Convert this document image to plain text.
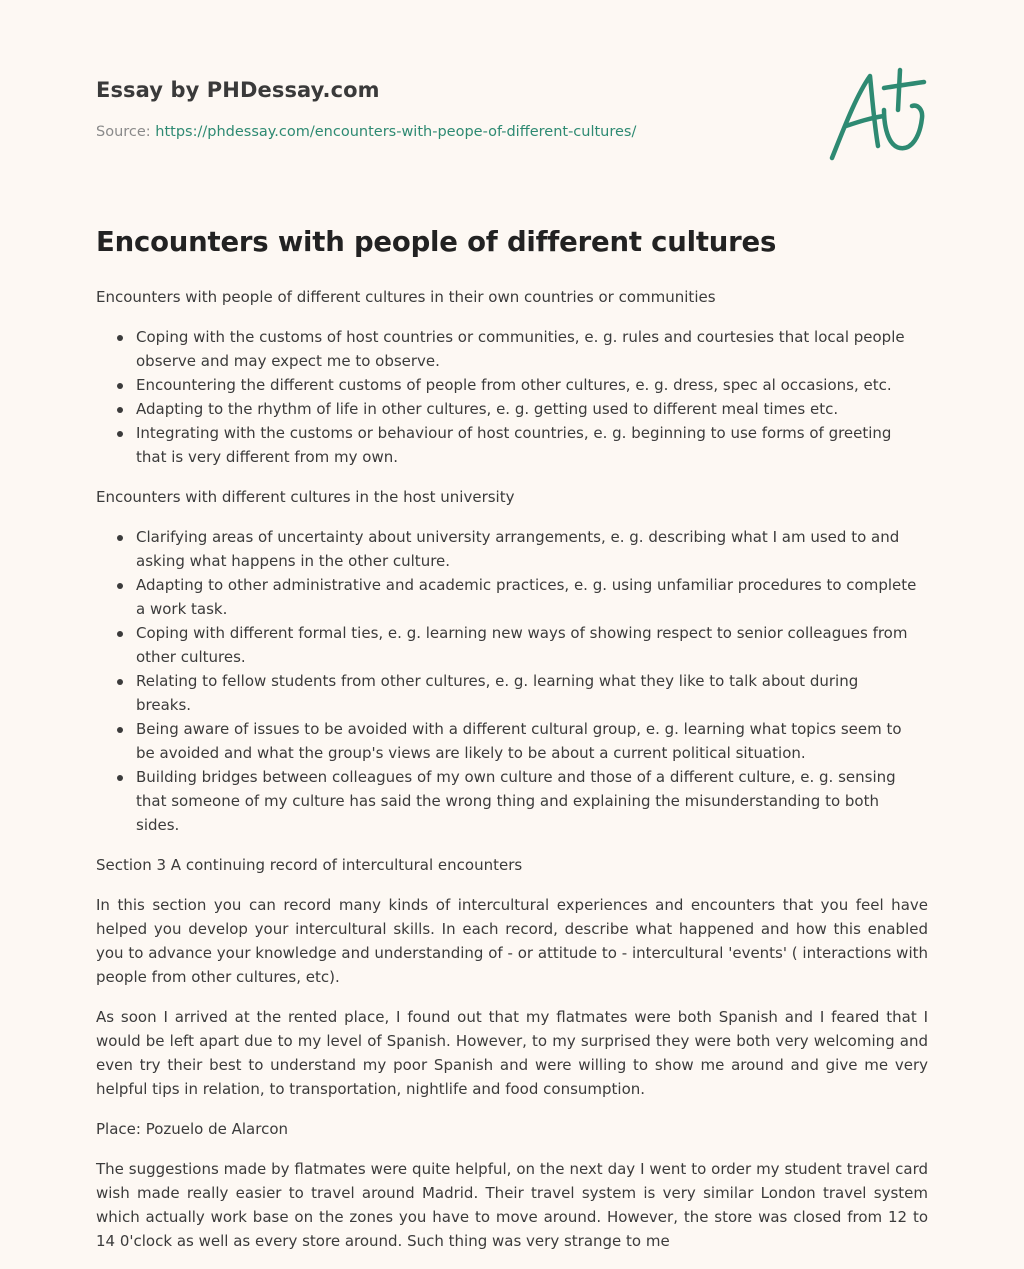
Essay by PHDessay.com
Source: https://phdessay.com/encounters-with-peope-of-different-cultures/
Encounters with people of different cultures

Encounters with people of different cultures in their own countries or communities

Coping with the customs of host countries or communities, e. g. rules and courtesies that local people observe and may expect me to observe.
Encountering the different customs of people from other cultures, e. g. dress, spec al occasions, etc.
Adapting to the rhythm of life in other cultures, e. g. getting used to different meal times etc.
Integrating with the customs or behaviour of host countries, e. g. beginning to use forms of greeting that is very different from my own.

Encounters with different cultures in the host university

Clarifying areas of uncertainty about university arrangements, e. g. describing what I am used to and asking what happens in the other culture.
Adapting to other administrative and academic practices, e. g. using unfamiliar procedures to complete a work task.
Coping with different formal ties, e. g. learning new ways of showing respect to senior colleagues from other cultures.
Relating to fellow students from other cultures, e. g. learning what they like to talk about during breaks.
Being aware of issues to be avoided with a different cultural group, e. g. learning what topics seem to be avoided and what the group's views are likely to be about a current political situation.
Building bridges between colleagues of my own culture and those of a different culture, e. g. sensing that someone of my culture has said the wrong thing and explaining the misunderstanding to both sides.

Section 3 A continuing record of intercultural encounters

In this section you can record many kinds of intercultural experiences and encounters that you feel have helped you develop your intercultural skills. In each record, describe what happened and how this enabled you to advance your knowledge and understanding of - or attitude to - intercultural 'events' ( interactions with people from other cultures, etc).

As soon I arrived at the rented place, I found out that my flatmates were both Spanish and I feared that I would be left apart due to my level of Spanish. However, to my surprised they were both very welcoming and even try their best to understand my poor Spanish and were willing to show me around and give me very helpful tips in relation, to transportation, nightlife and food consumption.

Place: Pozuelo de Alarcon

The suggestions made by flatmates were quite helpful, on the next day I went to order my student travel card wish made really easier to travel around Madrid. Their travel system is very similar London travel system which actually work base on the zones you have to move around. However, the store was closed from 12 to 14 0'clock as well as every store around. Such thing was very strange to me
